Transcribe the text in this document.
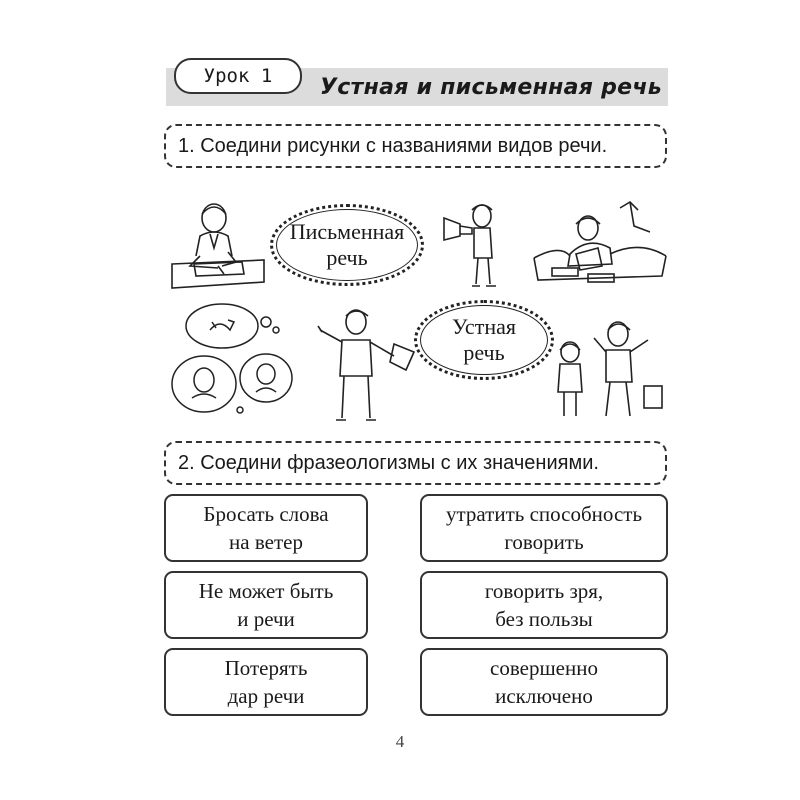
Урок 1	Устная и письменная речь
1. Соедини рисунки с названиями видов речи.
Письменная
речь
Устная
речь
2. Соедини фразеологизмы с их значениями.
Бросать слова
на ветер
Не может быть
и речи
Потерять
дар речи
утратить способность
говорить
говорить зря,
без пользы
совершенно
исключено
4
